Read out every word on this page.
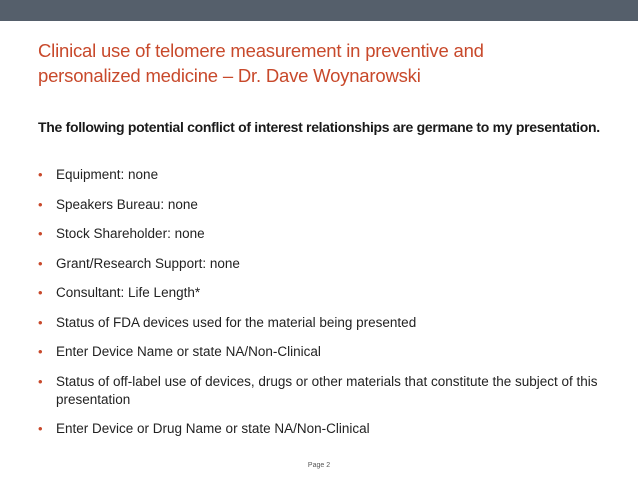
Clinical use of telomere measurement in preventive and
personalized medicine – Dr. Dave Woynarowski

The following potential conflict of interest relationships are germane to my presentation.

• Equipment: none
• Speakers Bureau: none
• Stock Shareholder: none
• Grant/Research Support: none
• Consultant: Life Length*
• Status of FDA devices used for the material being presented
• Enter Device Name or state NA/Non-Clinical
• Status of off-label use of devices, drugs or other materials that constitute the subject of this presentation
• Enter Device or Drug Name or state NA/Non-Clinical
Page 2
